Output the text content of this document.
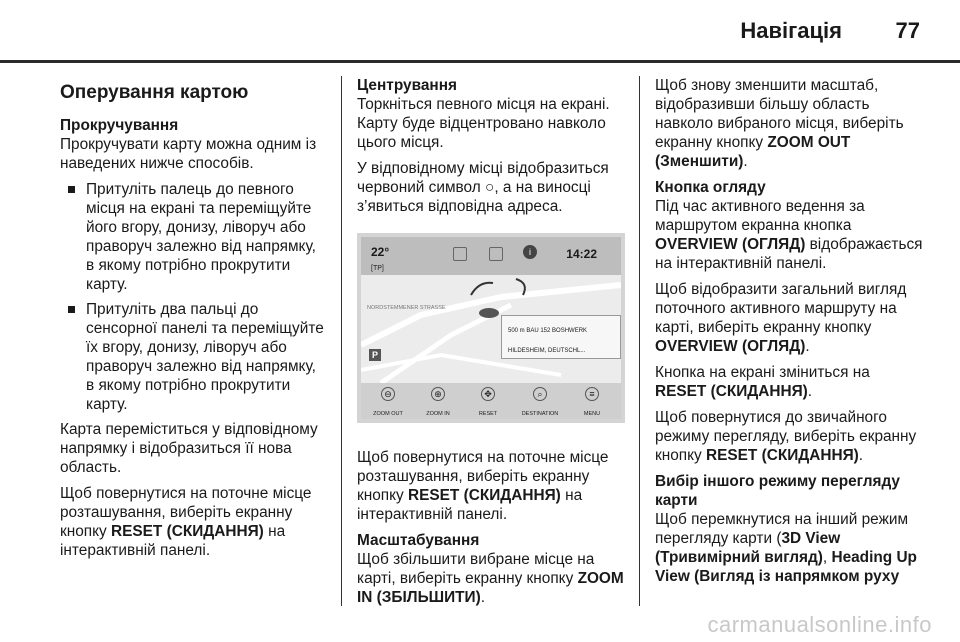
Навігація 77
Оперування картою
Прокручування

Прокручувати карту можна одним із наведених нижче способів.

Притуліть палець до певного місця на екрані та переміщуйте його вгору, донизу, ліворуч або праворуч залежно від напрямку, в якому потрібно прокрутити карту.
Притуліть два пальці до сенсорної панелі та переміщуйте їх вгору, донизу, ліворуч або праворуч залежно від напрямку, в якому потрібно прокрутити карту.

Карта переміститься у відповідному напрямку і відобразиться її нова область.

Щоб повернутися на поточне місце розташування, виберіть екранну кнопку RESET (СКИДАННЯ) на інтерактивній панелі.

Центрування

Торкніться певного місця на екрані. Карту буде відцентровано навколо цього місця.

У відповідному місці відобразиться червоний символ ○, а на виносці з’явиться відповідна адреса.

22°
[TP]
i	14:22
NORDSTEMMENER STRASSE
500 m BAU 152 BOSHWERK
HILDESHEIM, DEUTSCHL...
P
⊖
ZOOM OUT
⊕
ZOOM IN
✥
RESET
⌕
DESTINATION
≡
MENU

Щоб повернутися на поточне місце розташування, виберіть екранну кнопку RESET (СКИДАННЯ) на інтерактивній панелі.

Масштабування

Щоб збільшити вибране місце на карті, виберіть екранну кнопку ZOOM IN (ЗБІЛЬШИТИ).

Щоб знову зменшити масштаб, відобразивши більшу область навколо вибраного місця, виберіть екранну кнопку ZOOM OUT (Зменшити).

Кнопка огляду

Під час активного ведення за маршрутом екранна кнопка OVERVIEW (ОГЛЯД) відображається на інтерактивній панелі.

Щоб відобразити загальний вигляд поточного активного маршруту на карті, виберіть екранну кнопку OVERVIEW (ОГЛЯД).

Кнопка на екрані зміниться на RESET (СКИДАННЯ).

Щоб повернутися до звичайного режиму перегляду, виберіть екранну кнопку RESET (СКИДАННЯ).

Вибір іншого режиму перегляду карти

Щоб перемкнутися на інший режим перегляду карти (3D View (Тривимірний вигляд), Heading Up View (Вигляд із напрямком руху

carmanualsonline.info
